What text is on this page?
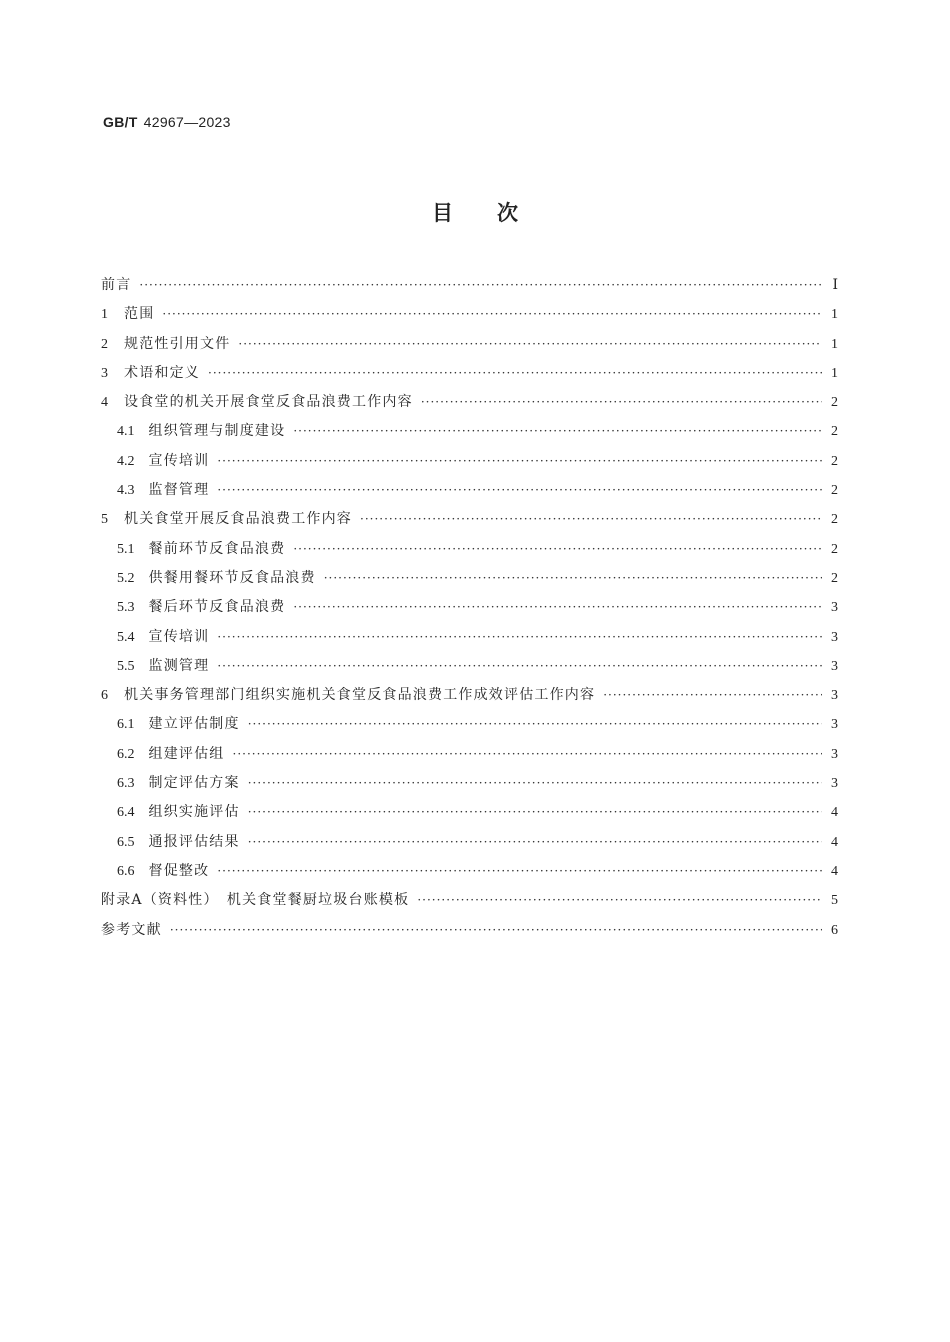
GB/T 42967—2023
目次
前言 ·····	Ⅰ
1 范围 ·····	1
2 规范性引用文件 ·····	1
3 术语和定义 ·····	1
4 设食堂的机关开展食堂反食品浪费工作内容 ·····	2
4.1 组织管理与制度建设 ·····	2
4.2 宣传培训 ·····	2
4.3 监督管理 ·····	2
5 机关食堂开展反食品浪费工作内容 ·····	2
5.1 餐前环节反食品浪费 ·····	2
5.2 供餐用餐环节反食品浪费 ·····	2
5.3 餐后环节反食品浪费 ·····	3
5.4 宣传培训 ·····	3
5.5 监测管理 ·····	3
6 机关事务管理部门组织实施机关食堂反食品浪费工作成效评估工作内容 ·····	3
6.1 建立评估制度 ·····	3
6.2 组建评估组 ·····	3
6.3 制定评估方案 ·····	3
6.4 组织实施评估 ·····	4
6.5 通报评估结果 ·····	4
6.6 督促整改 ·····	4
附录A（资料性）　机关食堂餐厨垃圾台账模板 ·····	5
参考文献 ·····	6
